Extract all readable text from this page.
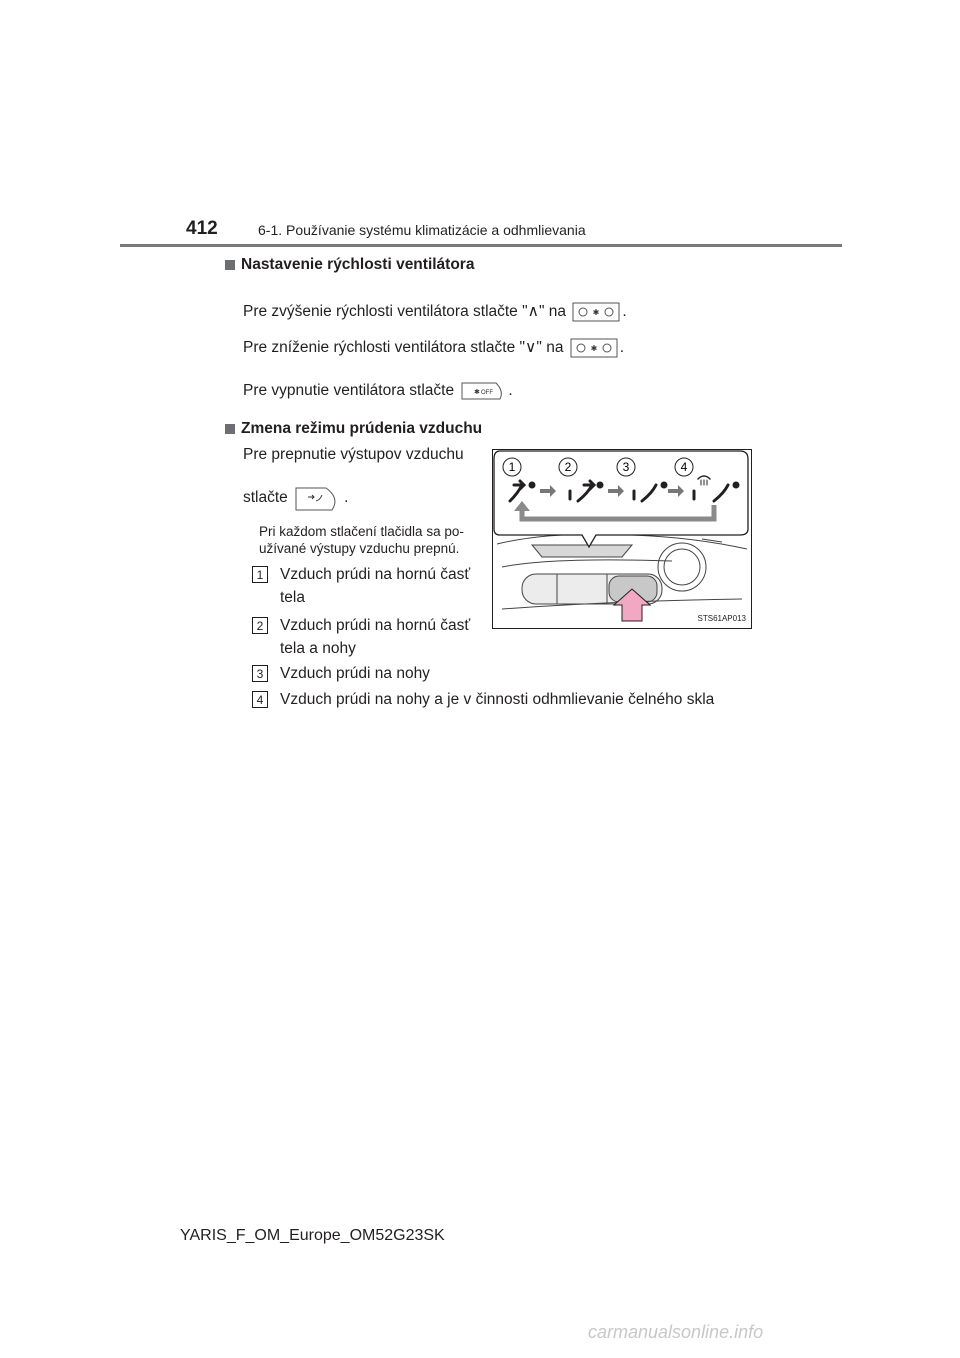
412	6-1. Používanie systému klimatizácie a odhmlievania
Nastavenie rýchlosti ventilátora
Pre zvýšenie rýchlosti ventilátora stlačte "∧" na	✱ .
Pre zníženie rýchlosti ventilátora stlačte "∨" na	✱ .
Pre vypnutie ventilátora stlačte	✱ OFF .
Zmena režimu prúdenia vzduchu
Pre prepnutie výstupov vzduchu
stlačte	.
Pri každom stlačení tlačidla sa po-
užívané výstupy vzduchu prepnú.
1	Vzduch prúdi na hornú časť
tela
2	Vzduch prúdi na hornú časť
tela a nohy
3	Vzduch prúdi na nohy
4	Vzduch prúdi na nohy a je v činnosti odhmlievanie čelného skla
1	2	3	4
STS61AP013
YARIS_F_OM_Europe_OM52G23SK
carmanualsonline.info
